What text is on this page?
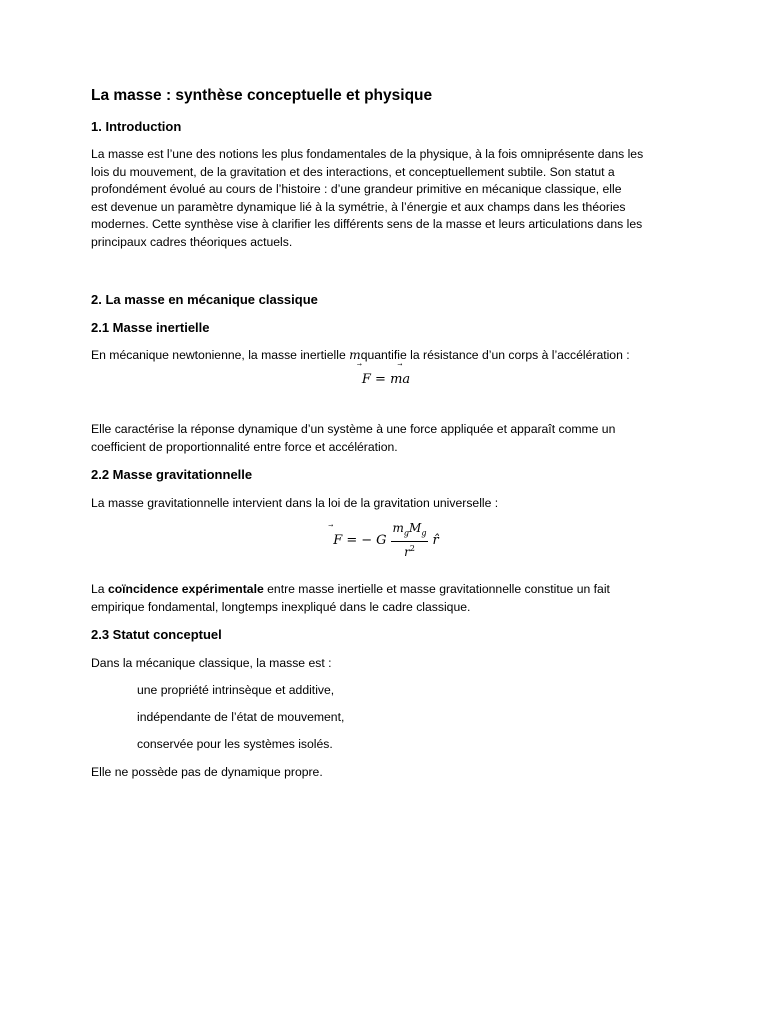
La masse : synthèse conceptuelle et physique
1. Introduction
La masse est l’une des notions les plus fondamentales de la physique, à la fois omniprésente dans les
lois du mouvement, de la gravitation et des interactions, et conceptuellement subtile. Son statut a
profondément évolué au cours de l’histoire : d’une grandeur primitive en mécanique classique, elle
est devenue un paramètre dynamique lié à la symétrie, à l’énergie et aux champs dans les théories
modernes. Cette synthèse vise à clarifier les différents sens de la masse et leurs articulations dans les
principaux cadres théoriques actuels.
2. La masse en mécanique classique
2.1 Masse inertielle
En mécanique newtonienne, la masse inertielle mquantifie la résistance d’un corps à l’accélération :
F = m
a
Elle caractérise la réponse dynamique d’un système à une force appliquée et apparaît comme un
coefficient de proportionnalité entre force et accélération.
2.2 Masse gravitationnelle
La masse gravitationnelle intervient dans la loi de la gravitation universelle :
F = − G
$m_gM_g$
$r^2$
r̂
La coïncidence expérimentale entre masse inertielle et masse gravitationnelle constitue un fait
empirique fondamental, longtemps inexpliqué dans le cadre classique.
2.3 Statut conceptuel
Dans la mécanique classique, la masse est :

une propriété intrinsèque et additive,

indépendante de l’état de mouvement,

conservée pour les systèmes isolés.

Elle ne possède pas de dynamique propre.
